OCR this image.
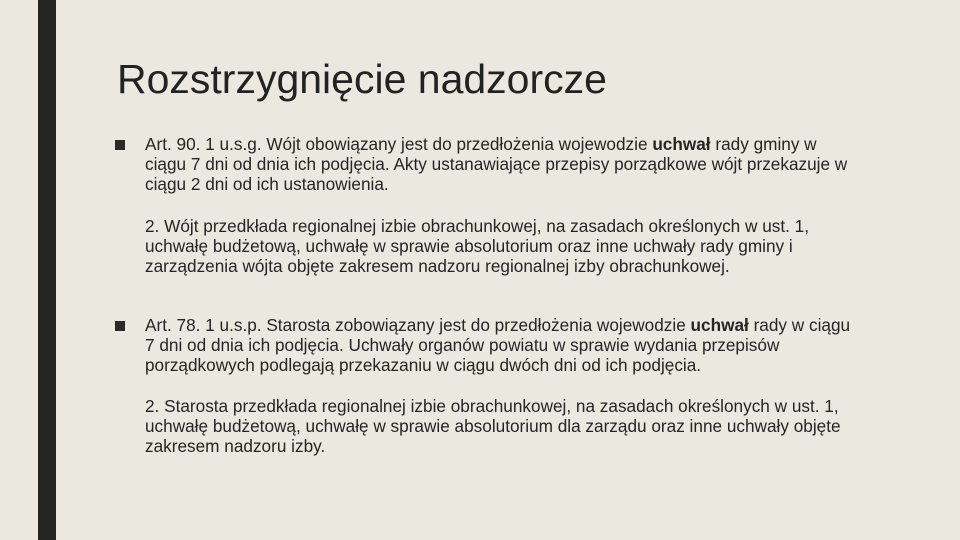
Rozstrzygnięcie nadzorcze

Art. 90. 1 u.s.g. Wójt obowiązany jest do przedłożenia wojewodzie uchwał rady gminy w ciągu 7 dni od dnia ich podjęcia. Akty ustanawiające przepisy porządkowe wójt przekazuje w ciągu 2 dni od ich ustanowienia.

2. Wójt przedkłada regionalnej izbie obrachunkowej, na zasadach określonych w ust. 1, uchwałę budżetową, uchwałę w sprawie absolutorium oraz inne uchwały rady gminy i zarządzenia wójta objęte zakresem nadzoru regionalnej izby obrachunkowej.

Art. 78. 1 u.s.p. Starosta zobowiązany jest do przedłożenia wojewodzie uchwał rady w ciągu 7 dni od dnia ich podjęcia. Uchwały organów powiatu w sprawie wydania przepisów porządkowych podlegają przekazaniu w ciągu dwóch dni od ich podjęcia.

2. Starosta przedkłada regionalnej izbie obrachunkowej, na zasadach określonych w ust. 1, uchwałę budżetową, uchwałę w sprawie absolutorium dla zarządu oraz inne uchwały objęte zakresem nadzoru izby.
